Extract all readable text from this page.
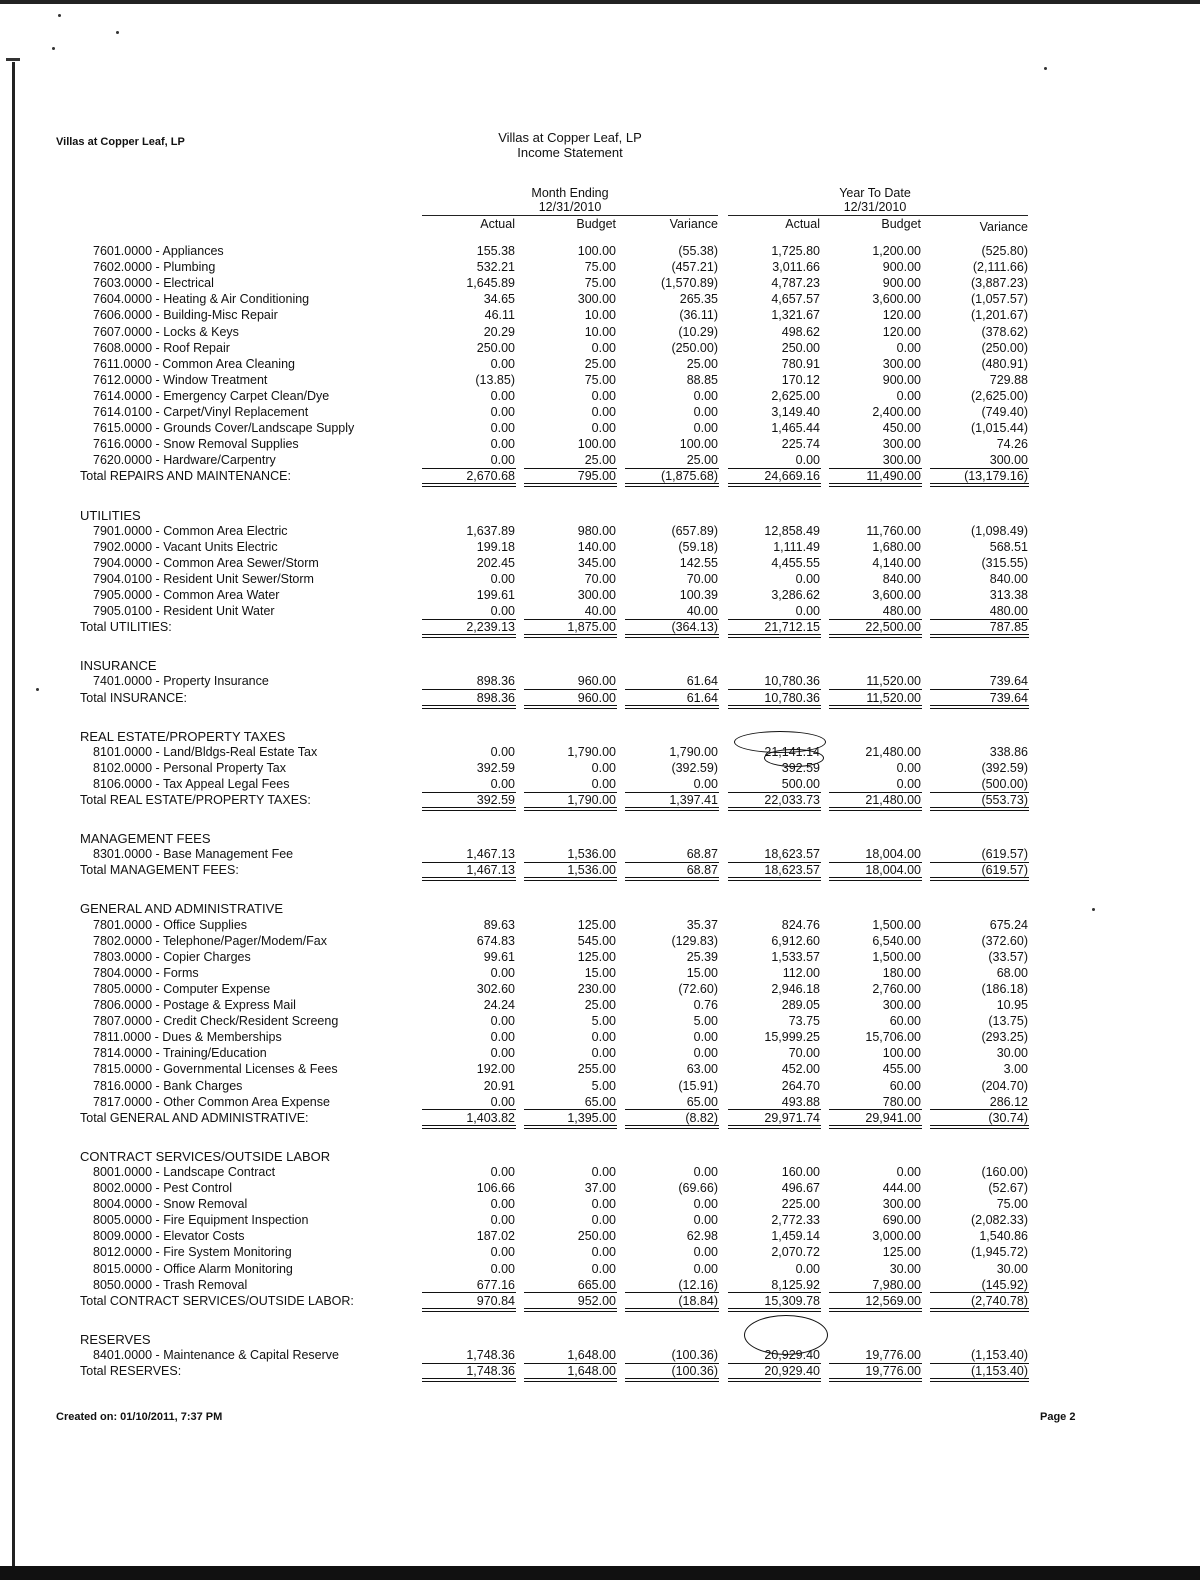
Villas at Copper Leaf, LP	Villas at Copper Leaf, LP
Income Statement
Month Ending
12/31/2010
Year To Date
12/31/2010
Actual	Budget	Variance	Actual	Budget	Variance
7601.0000 - Appliances	155.38	100.00	(55.38)	1,725.80	1,200.00	(525.80)
7602.0000 - Plumbing	532.21	75.00	(457.21)	3,011.66	900.00	(2,111.66)
7603.0000 - Electrical	1,645.89	75.00	(1,570.89)	4,787.23	900.00	(3,887.23)
7604.0000 - Heating & Air Conditioning	34.65	300.00	265.35	4,657.57	3,600.00	(1,057.57)
7606.0000 - Building-Misc Repair	46.11	10.00	(36.11)	1,321.67	120.00	(1,201.67)
7607.0000 - Locks & Keys	20.29	10.00	(10.29)	498.62	120.00	(378.62)
7608.0000 - Roof Repair	250.00	0.00	(250.00)	250.00	0.00	(250.00)
7611.0000 - Common Area Cleaning	0.00	25.00	25.00	780.91	300.00	(480.91)
7612.0000 - Window Treatment	(13.85)	75.00	88.85	170.12	900.00	729.88
7614.0000 - Emergency Carpet Clean/Dye	0.00	0.00	0.00	2,625.00	0.00	(2,625.00)
7614.0100 - Carpet/Vinyl Replacement	0.00	0.00	0.00	3,149.40	2,400.00	(749.40)
7615.0000 - Grounds Cover/Landscape Supply	0.00	0.00	0.00	1,465.44	450.00	(1,015.44)
7616.0000 - Snow Removal Supplies	0.00	100.00	100.00	225.74	300.00	74.26
7620.0000 - Hardware/Carpentry	0.00	25.00	25.00	0.00	300.00	300.00
Total REPAIRS AND MAINTENANCE:	2,670.68	795.00	(1,875.68)	24,669.16	11,490.00	(13,179.16)
UTILITIES
7901.0000 - Common Area Electric	1,637.89	980.00	(657.89)	12,858.49	11,760.00	(1,098.49)
7902.0000 - Vacant Units Electric	199.18	140.00	(59.18)	1,111.49	1,680.00	568.51
7904.0000 - Common Area Sewer/Storm	202.45	345.00	142.55	4,455.55	4,140.00	(315.55)
7904.0100 - Resident Unit Sewer/Storm	0.00	70.00	70.00	0.00	840.00	840.00
7905.0000 - Common Area Water	199.61	300.00	100.39	3,286.62	3,600.00	313.38
7905.0100 - Resident Unit Water	0.00	40.00	40.00	0.00	480.00	480.00
Total UTILITIES:	2,239.13	1,875.00	(364.13)	21,712.15	22,500.00	787.85
INSURANCE
7401.0000 - Property Insurance	898.36	960.00	61.64	10,780.36	11,520.00	739.64
Total INSURANCE:	898.36	960.00	61.64	10,780.36	11,520.00	739.64
REAL ESTATE/PROPERTY TAXES
8101.0000 - Land/Bldgs-Real Estate Tax	0.00	1,790.00	1,790.00	21,141.14	21,480.00	338.86
8102.0000 - Personal Property Tax	392.59	0.00	(392.59)	392.59	0.00	(392.59)
8106.0000 - Tax Appeal Legal Fees	0.00	0.00	0.00	500.00	0.00	(500.00)
Total REAL ESTATE/PROPERTY TAXES:	392.59	1,790.00	1,397.41	22,033.73	21,480.00	(553.73)
MANAGEMENT FEES
8301.0000 - Base Management Fee	1,467.13	1,536.00	68.87	18,623.57	18,004.00	(619.57)
Total MANAGEMENT FEES:	1,467.13	1,536.00	68.87	18,623.57	18,004.00	(619.57)
GENERAL AND ADMINISTRATIVE
7801.0000 - Office Supplies	89.63	125.00	35.37	824.76	1,500.00	675.24
7802.0000 - Telephone/Pager/Modem/Fax	674.83	545.00	(129.83)	6,912.60	6,540.00	(372.60)
7803.0000 - Copier Charges	99.61	125.00	25.39	1,533.57	1,500.00	(33.57)
7804.0000 - Forms	0.00	15.00	15.00	112.00	180.00	68.00
7805.0000 - Computer Expense	302.60	230.00	(72.60)	2,946.18	2,760.00	(186.18)
7806.0000 - Postage & Express Mail	24.24	25.00	0.76	289.05	300.00	10.95
7807.0000 - Credit Check/Resident Screeng	0.00	5.00	5.00	73.75	60.00	(13.75)
7811.0000 - Dues & Memberships	0.00	0.00	0.00	15,999.25	15,706.00	(293.25)
7814.0000 - Training/Education	0.00	0.00	0.00	70.00	100.00	30.00
7815.0000 - Governmental Licenses & Fees	192.00	255.00	63.00	452.00	455.00	3.00
7816.0000 - Bank Charges	20.91	5.00	(15.91)	264.70	60.00	(204.70)
7817.0000 - Other Common Area Expense	0.00	65.00	65.00	493.88	780.00	286.12
Total GENERAL AND ADMINISTRATIVE:	1,403.82	1,395.00	(8.82)	29,971.74	29,941.00	(30.74)
CONTRACT SERVICES/OUTSIDE LABOR
8001.0000 - Landscape Contract	0.00	0.00	0.00	160.00	0.00	(160.00)
8002.0000 - Pest Control	106.66	37.00	(69.66)	496.67	444.00	(52.67)
8004.0000 - Snow Removal	0.00	0.00	0.00	225.00	300.00	75.00
8005.0000 - Fire Equipment Inspection	0.00	0.00	0.00	2,772.33	690.00	(2,082.33)
8009.0000 - Elevator Costs	187.02	250.00	62.98	1,459.14	3,000.00	1,540.86
8012.0000 - Fire System Monitoring	0.00	0.00	0.00	2,070.72	125.00	(1,945.72)
8015.0000 - Office Alarm Monitoring	0.00	0.00	0.00	0.00	30.00	30.00
8050.0000 - Trash Removal	677.16	665.00	(12.16)	8,125.92	7,980.00	(145.92)
Total CONTRACT SERVICES/OUTSIDE LABOR:	970.84	952.00	(18.84)	15,309.78	12,569.00	(2,740.78)
RESERVES
8401.0000 - Maintenance & Capital Reserve	1,748.36	1,648.00	(100.36)	20,929.40	19,776.00	(1,153.40)
Total RESERVES:	1,748.36	1,648.00	(100.36)	20,929.40	19,776.00	(1,153.40)
Created on: 01/10/2011, 7:37 PM	Page 2
